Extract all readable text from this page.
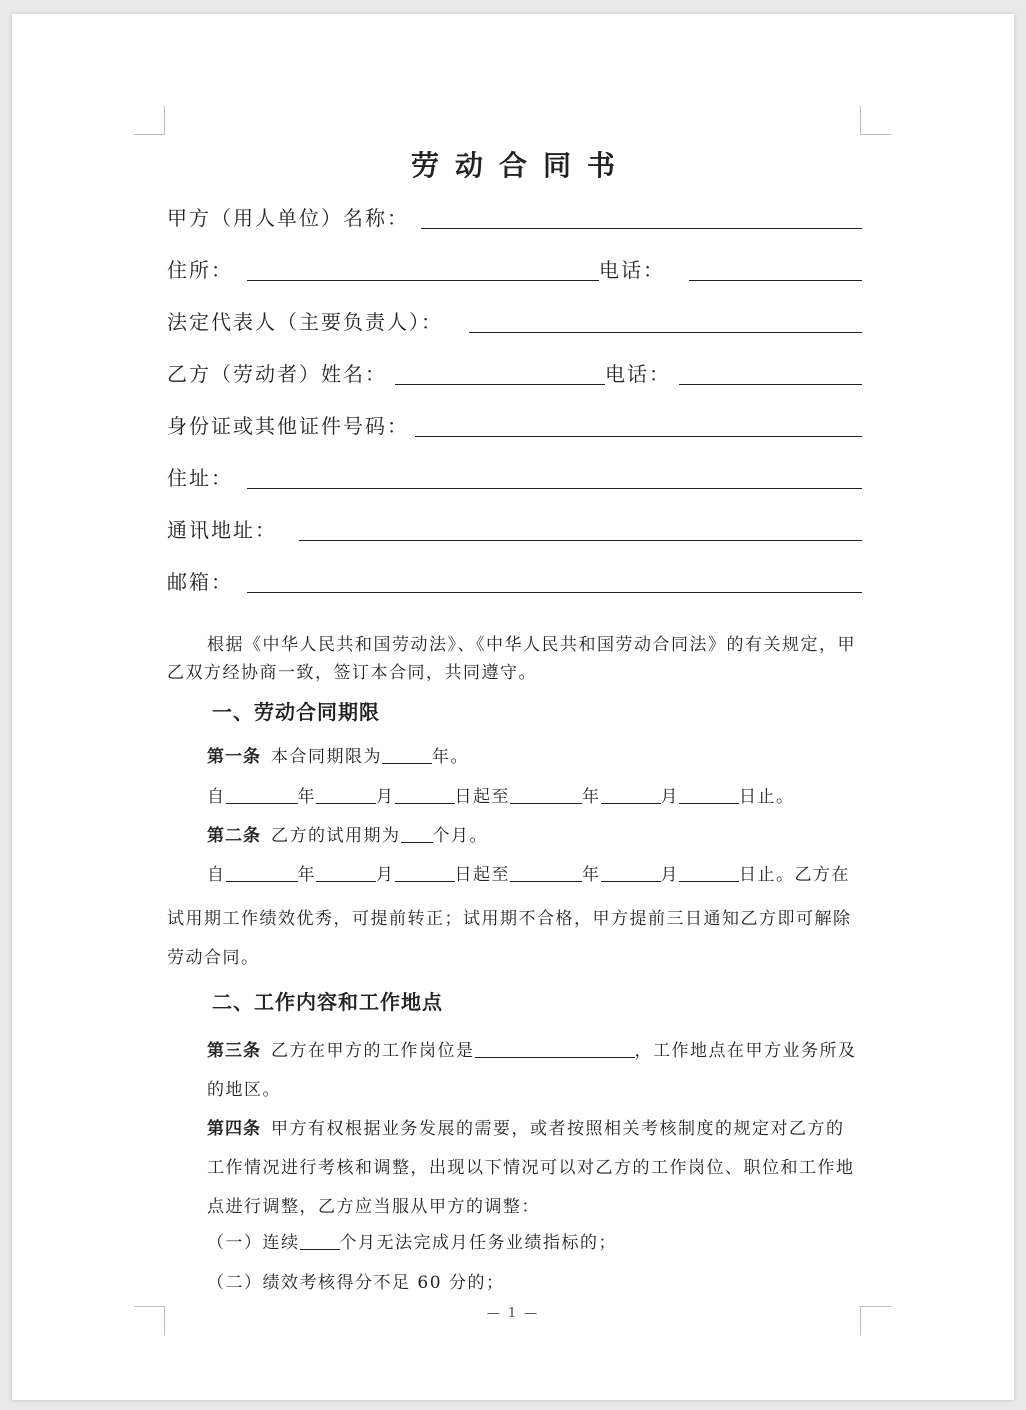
劳动合同书
甲方（用人单位）名称：
住所：	电话：
法定代表人（主要负责人）：
乙方（劳动者）姓名：	电话：
身份证或其他证件号码：
住址：
通讯地址：
邮箱：
根据《中华人民共和国劳动法》、《中华人民共和国劳动合同法》的有关规定，甲乙双方经协商一致，签订本合同，共同遵守。
一、劳动合同期限
第一条 本合同期限为	年。
自	年	月	日起至	年	月	日止。
第二条 乙方的试用期为 个月。
自	年	月	日起至	年	月	日止。乙方在
试用期工作绩效优秀，可提前转正；试用期不合格，甲方提前三日通知乙方即可解除劳动合同。
二、工作内容和工作地点
第三条 乙方在甲方的工作岗位是	，工作地点在甲方业务所及的地区。
第四条 甲方有权根据业务发展的需要，或者按照相关考核制度的规定对乙方的工作情况进行考核和调整，出现以下情况可以对乙方的工作岗位、职位和工作地点进行调整，乙方应当服从甲方的调整：
（一）连续 个月无法完成月任务业绩指标的；
（二）绩效考核得分不足 60 分的；
— 1 —
